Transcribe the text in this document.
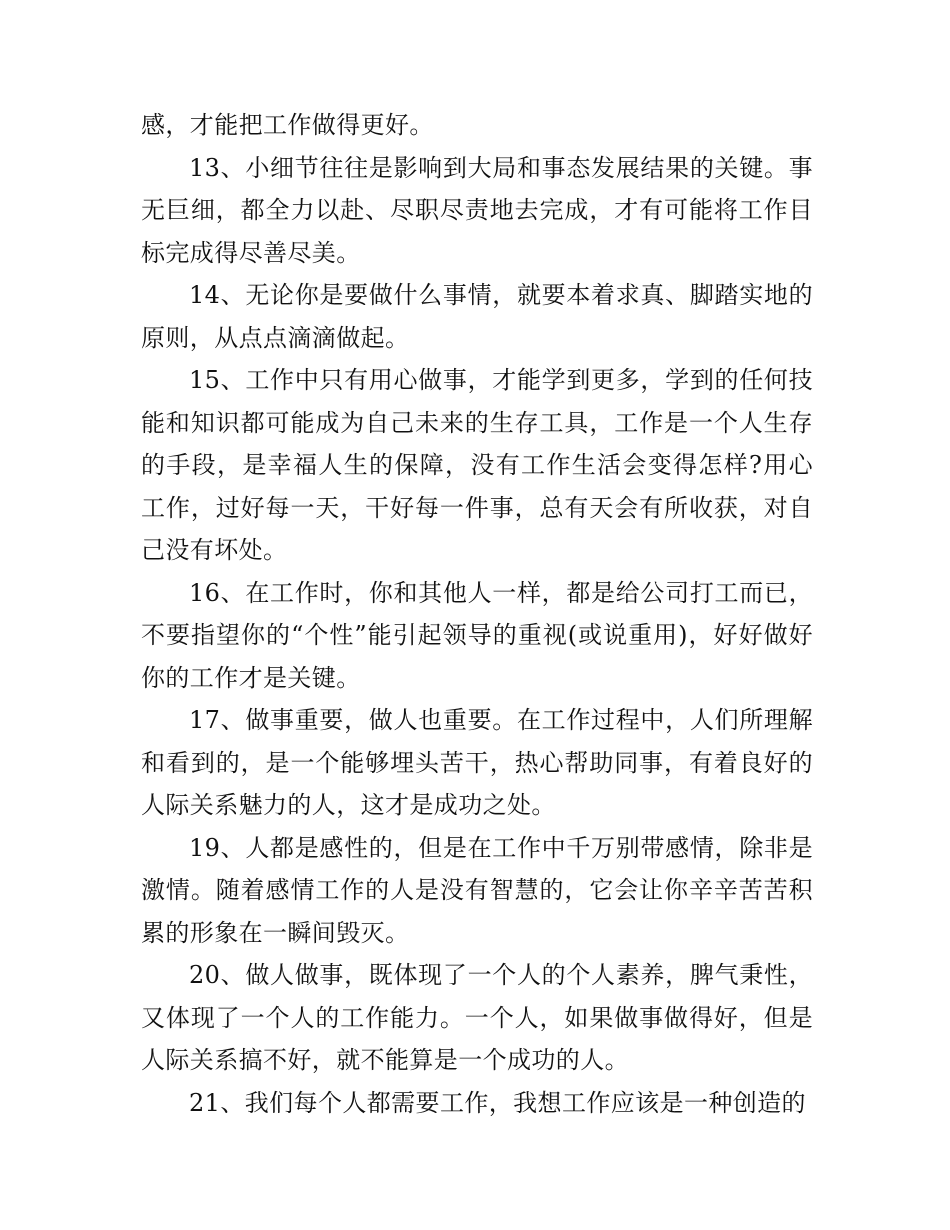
感，才能把工作做得更好。

13、小细节往往是影响到大局和事态发展结果的关键。事无巨细，都全力以赴、尽职尽责地去完成，才有可能将工作目标完成得尽善尽美。

14、无论你是要做什么事情，就要本着求真、脚踏实地的原则，从点点滴滴做起。

15、工作中只有用心做事，才能学到更多，学到的任何技能和知识都可能成为自己未来的生存工具，工作是一个人生存的手段，是幸福人生的保障，没有工作生活会变得怎样?用心工作，过好每一天，干好每一件事，总有天会有所收获，对自己没有坏处。

16、在工作时，你和其他人一样，都是给公司打工而已，不要指望你的“个性”能引起领导的重视(或说重用)，好好做好你的工作才是关键。

17、做事重要，做人也重要。在工作过程中，人们所理解和看到的，是一个能够埋头苦干，热心帮助同事，有着良好的人际关系魅力的人，这才是成功之处。

19、人都是感性的，但是在工作中千万别带感情，除非是激情。随着感情工作的人是没有智慧的，它会让你辛辛苦苦积累的形象在一瞬间毁灭。

20、做人做事，既体现了一个人的个人素养，脾气秉性，又体现了一个人的工作能力。一个人，如果做事做得好，但是人际关系搞不好，就不能算是一个成功的人。

21、我们每个人都需要工作，我想工作应该是一种创造的
